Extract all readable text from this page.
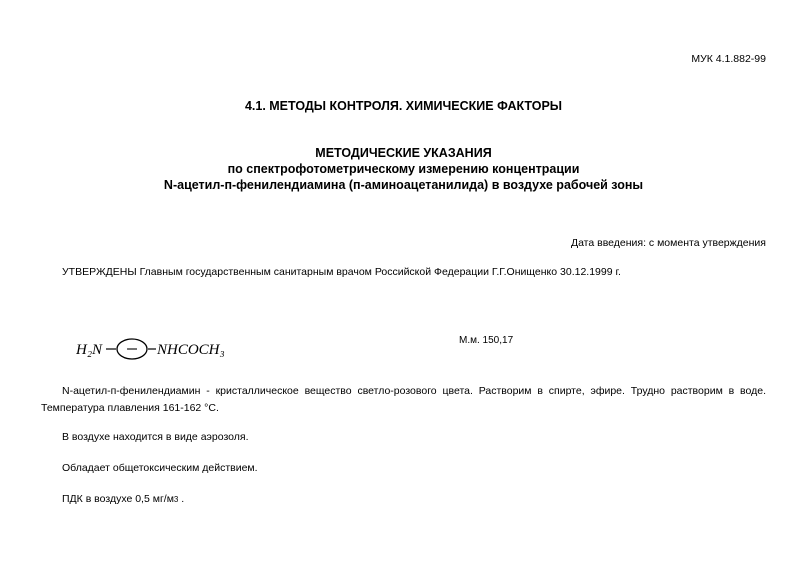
МУК 4.1.882-99
4.1. МЕТОДЫ КОНТРОЛЯ. ХИМИЧЕСКИЕ ФАКТОРЫ
МЕТОДИЧЕСКИЕ УКАЗАНИЯ
по спектрофотометрическому измерению концентрации
N-ацетил-п-фенилендиамина (п-аминоацетанилида) в воздухе рабочей зоны
Дата введения: с момента утверждения
УТВЕРЖДЕНЫ Главным государственным санитарным врачом Российской Федерации Г.Г.Онищенко 30.12.1999 г.
H₂N	NHCOCH₃
М.м. 150,17
N-ацетил-п-фенилендиамин - кристаллическое вещество светло-розового цвета. Растворим в спирте, эфире. Трудно растворим в воде. Температура плавления 161-162 °С.
В воздухе находится в виде аэрозоля.
Обладает общетоксическим действием.
ПДК в воздухе 0,5 мг/м3 .
